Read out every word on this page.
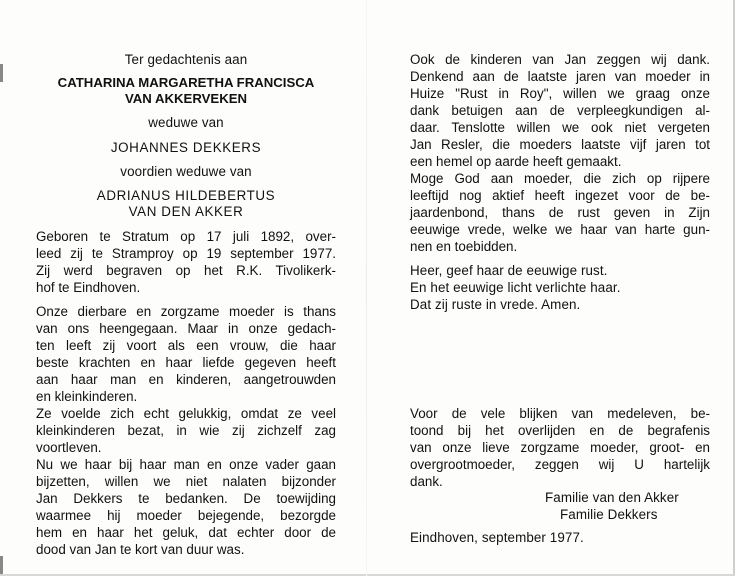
Ter gedachtenis aan
CATHARINA MARGARETHA FRANCISCA
VAN AKKERVEKEN
weduwe van
JOHANNES DEKKERS
voordien weduwe van
ADRIANUS HILDEBERTUS
VAN DEN AKKER
Geboren te Stratum op 17 juli 1892, over-
leed zij te Stramproy op 19 september 1977.
Zij werd begraven op het R.K. Tivolikerk-
hof te Eindhoven.
Onze dierbare en zorgzame moeder is thans
van ons heengegaan. Maar in onze gedach-
ten leeft zij voort als een vrouw, die haar
beste krachten en haar liefde gegeven heeft
aan haar man en kinderen, aangetrouwden
en kleinkinderen.
Ze voelde zich echt gelukkig, omdat ze veel
kleinkinderen bezat, in wie zij zichzelf zag
voortleven.
Nu we haar bij haar man en onze vader gaan
bijzetten, willen we niet nalaten bijzonder
Jan Dekkers te bedanken. De toewijding
waarmee hij moeder bejegende, bezorgde
hem en haar het geluk, dat echter door de
dood van Jan te kort van duur was.
Ook de kinderen van Jan zeggen wij dank.
Denkend aan de laatste jaren van moeder in
Huize "Rust in Roy", willen we graag onze
dank betuigen aan de verpleegkundigen al-
daar. Tenslotte willen we ook niet vergeten
Jan Resler, die moeders laatste vijf jaren tot
een hemel op aarde heeft gemaakt.
Moge God aan moeder, die zich op rijpere
leeftijd nog aktief heeft ingezet voor de be-
jaardenbond, thans de rust geven in Zijn
eeuwige vrede, welke we haar van harte gun-
nen en toebidden.
Heer, geef haar de eeuwige rust.
En het eeuwige licht verlichte haar.
Dat zij ruste in vrede. Amen.
Voor de vele blijken van medeleven, be-
toond bij het overlijden en de begrafenis
van onze lieve zorgzame moeder, groot- en
overgrootmoeder, zeggen wij U hartelijk
dank.
Familie van den Akker
Familie Dekkers
Eindhoven, september 1977.
